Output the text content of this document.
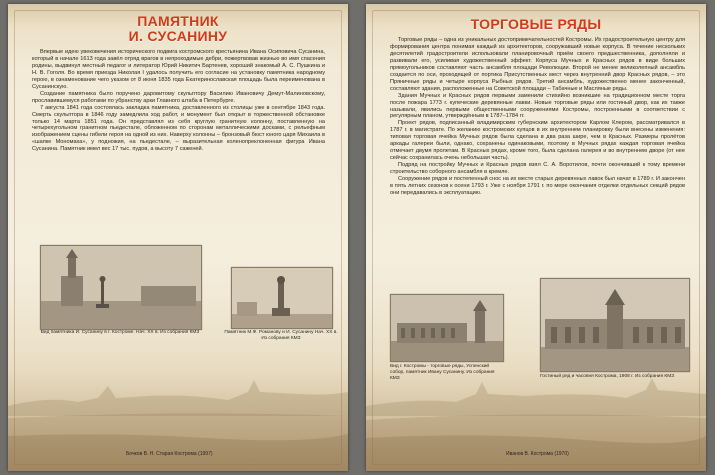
ПАМЯТНИК
И. СУСАНИНУ

Впервые идею увековечения исторического подвига костромского крестьянина Ивана Осиповича Сусанина, который в начале 1613 года завёл отряд врагов в непроходимые дебри, пожертвовав жизнью во имя спасения родины, выдвинул местный педагог и литератор Юрий Никитич Бартенев, хороший знакомый А. С. Пушкина и Н. В. Гоголя. Во время приезда Николая I удалось получить его согласие на установку памятника народному герою, в ознаменование чего указом от 8 июня 1835 года Екатеринославская площадь была переименована в Сусанинскую.

Создание памятника было поручено даровитому скульптору Василию Ивановичу Демут-Малиновскому, прославившемуся работами по убранству арки Главного штаба в Петербурге.

7 августа 1841 года состоялась закладка памятника, доставленного из столицы уже в сентябре 1843 года. Смерть скульптора в 1846 году замедлила ход работ, и монумент был открыт в торжественной обстановке только 14 марта 1851 года. Он представлял из себя круглую гранитную колонну, поставленную на четырехугольном гранитном пьедестале, обложенном по сторонам металлическими досками, с рельефным изображением сцены гибели героя на одной из них. Наверху колонны – бронзовый бюст юного царя Михаила в «шапке Мономаха», у подножия, на пьедестале, – выразительная коленопреклоненная фигура Ивана Сусанина. Памятник имел вес 17 тыс. пудов, а высоту 7 саженей.

Вид памятника И. Сусанину в г. Костроме. Нач. XX в. Из собрания КМЗ	Памятник М.Ф. Романову и И. Сусанину Нач. XX в. Из собрания КМЗ
Бочков В. Н. Старая Кострома (1997)
ТОРГОВЫЕ РЯДЫ

Торговые ряды – одна из уникальных достопримечательностей Костромы. Их градостроительную центру для формирования центра понимая каждый из архитекторов, сооружавший новые корпуса. В течение нескольких десятилетий градостроители использовали планировочный приём своего предшественника, дополняли и развивали его, усиливая художественный эффект. Корпуса Мучных и Красных рядов в виде больших прямоугольников составляют часть ансамбля площади Революции. Второй не менее великолепный ансамбль создается по оси, проходящей от портика Присутственных мест через внутренний двор Красных рядов, – это Пряничные ряды и четыре корпуса Рыбных рядов. Третий ансамбль, художественно менее законченный, составляют здания, расположенные на Советской площади – Табачные и Масляные ряды.

Здания Мучных и Красных рядов первыми заменили стихийно возникшие на традиционном месте торга после пожара 1773 г. купеческие деревянные лавки. Новые торговые ряды или гостиный двор, как их также называли, явились первыми общественными сооружениями Костромы, построенными в соответствии с регулярным планом, утверждённым в 1787–1784 гг.

Проект рядов, подписанный владимирским губернским архитектором Карлом Клером, рассматривался в 1787 г. в магистрате. По желанию костромских купцов в их внутреннем планировку были внесены изменения: типовая торговая ячейка Мучных рядов была сделана в два раза шире, чем в Красных. Размеры пролётов аркады галереи были, однако, сохранены одинаковыми, поэтому в Мучных рядах каждая торговая ячейка отмечает двумя пролетам. В Красных рядах, кроме того, была сделана галерея и во внутреннем дворе (от нее сейчас сохранилась очень небольшая часть).

Подряд на постройку Мучных и Красных рядов взял С. А. Воротилов, почти окончивший к тому времени строительство соборного ансамбля в кремле.

Сооружение рядов и постепенный снос на их месте старых деревянных лавок был начат в 1789 г. И закончен в пять летних сезонов к осени 1793 г. Уже с ноября 1791 г. по мере окончания отделки отдельных секций рядов они передавались в эксплуатацию.

Вид г. Костромы - торговые ряды, Успенский собор, памятник Ивану Сусанину. Из собрания КМЗ	Гостиный ряд и часовня Кострома, 1908 г. Из собрания КМЗ
Иванов В. Кострома (1970)
